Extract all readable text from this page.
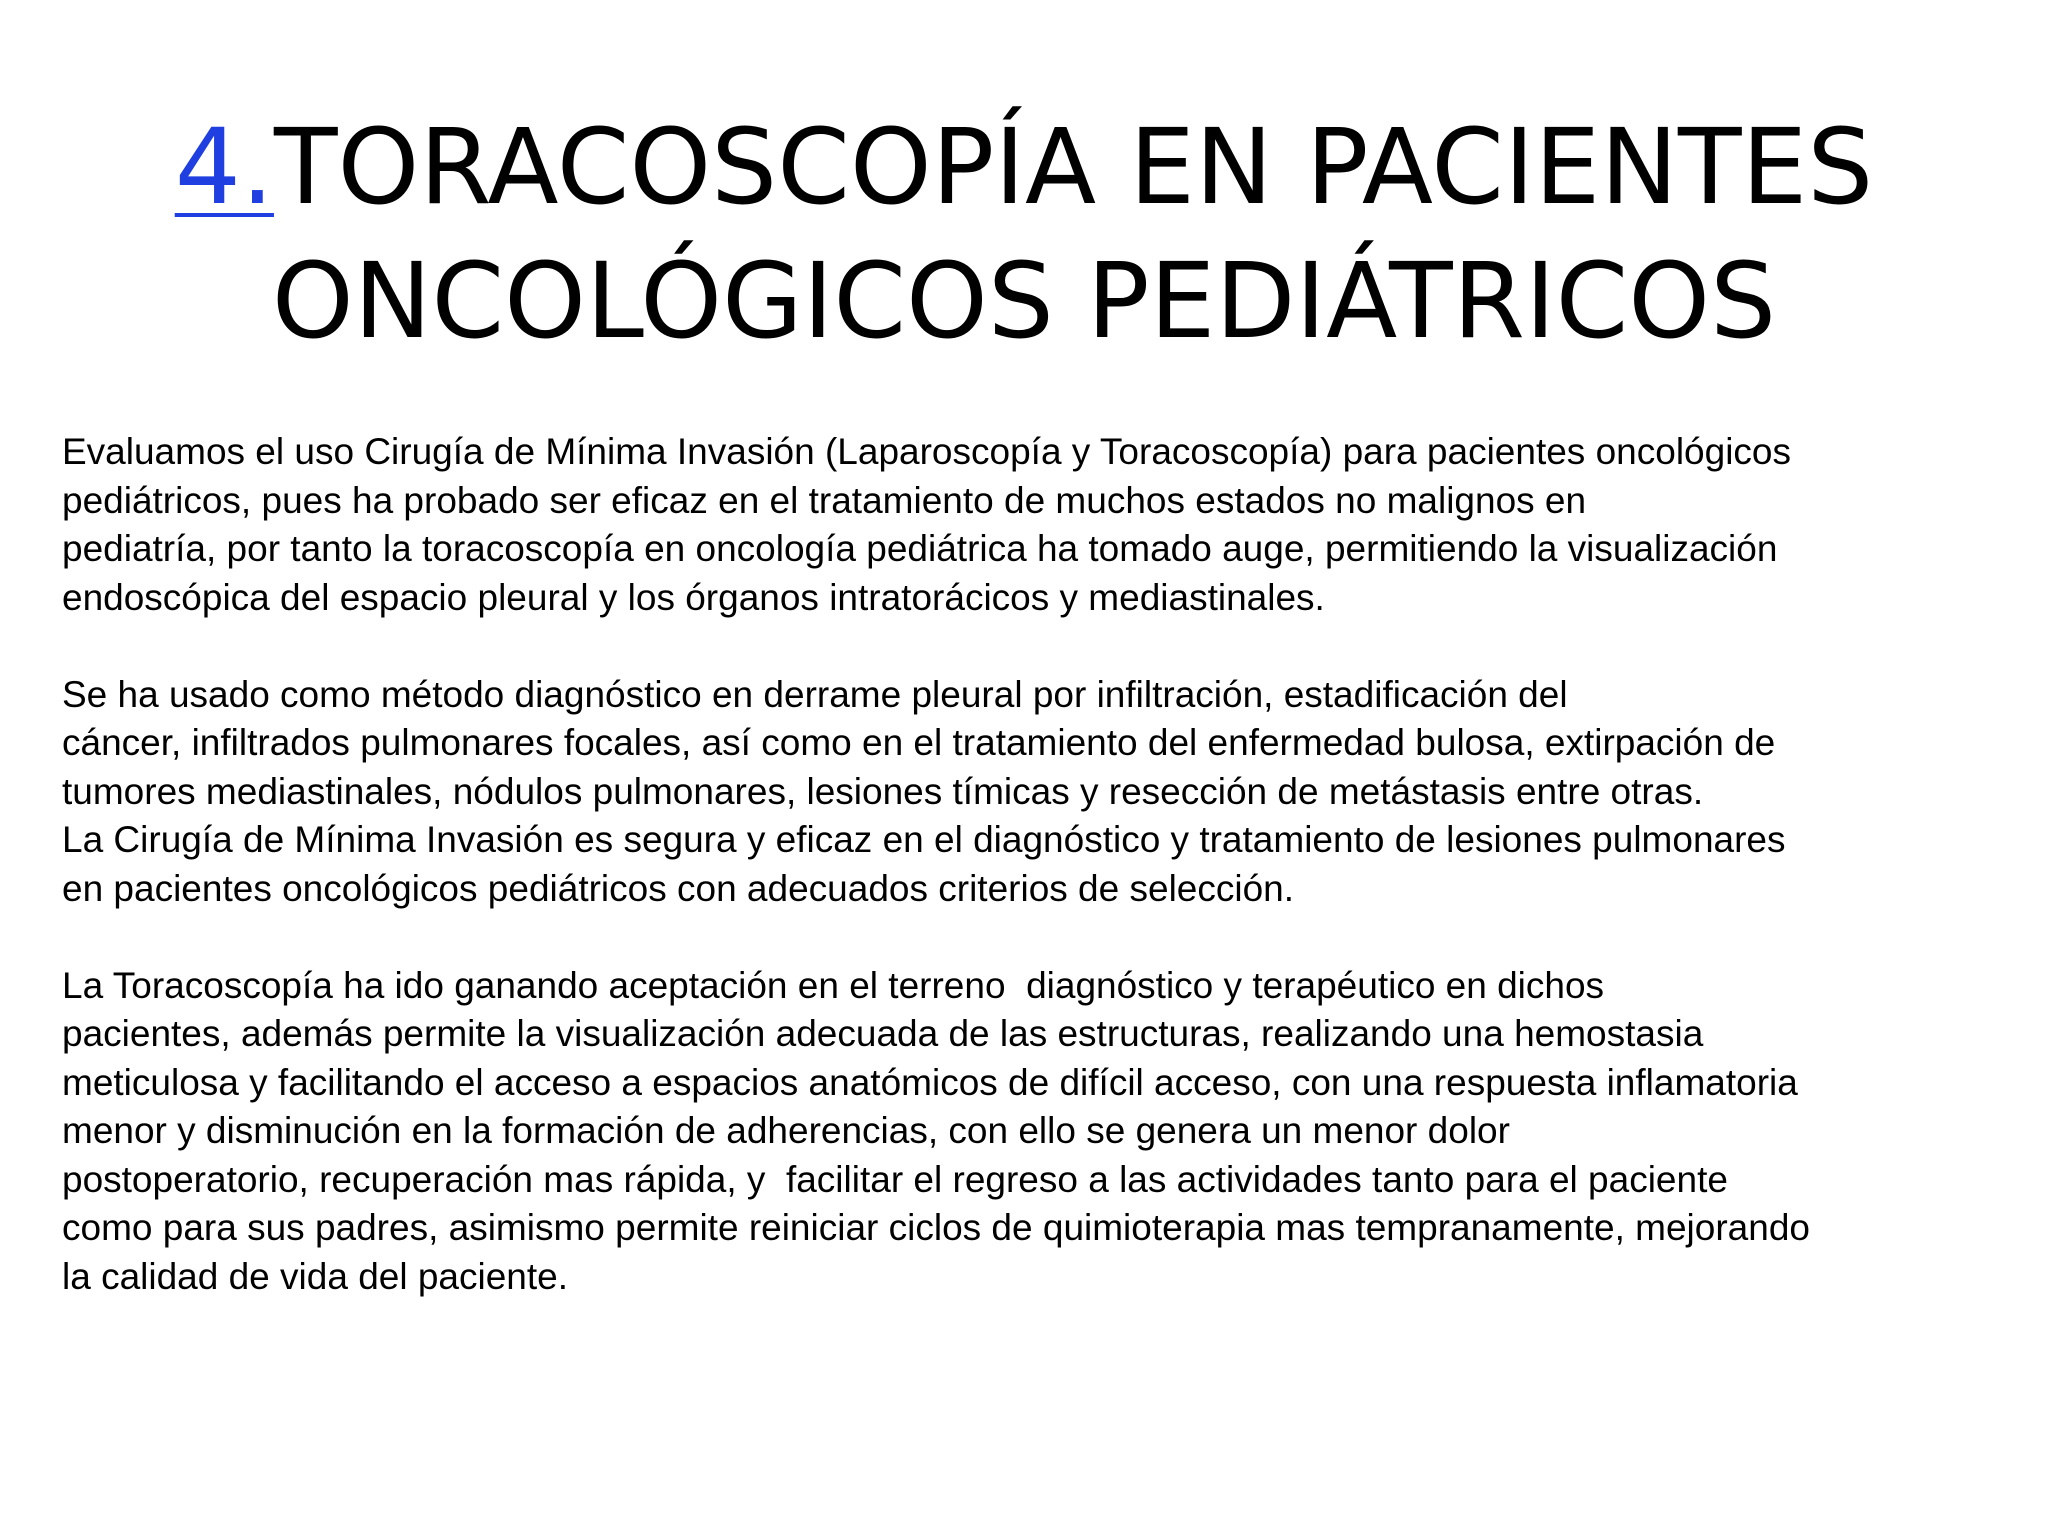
4.TORACOSCOPÍA EN PACIENTES
ONCOLÓGICOS PEDIÁTRICOS
Evaluamos el uso Cirugía de Mínima Invasión (Laparoscopía y Toracoscopía) para pacientes oncológicos
pediátricos, pues ha probado ser eficaz en el tratamiento de muchos estados no malignos en
pediatría, por tanto la toracoscopía en oncología pediátrica ha tomado auge, permitiendo la visualización
endoscópica del espacio pleural y los órganos intratorácicos y mediastinales.
Se ha usado como método diagnóstico en derrame pleural por infiltración, estadificación del
cáncer, infiltrados pulmonares focales, así como en el tratamiento del enfermedad bulosa, extirpación de
tumores mediastinales, nódulos pulmonares, lesiones tímicas y resección de metástasis entre otras.
La Cirugía de Mínima Invasión es segura y eficaz en el diagnóstico y tratamiento de lesiones pulmonares
en pacientes oncológicos pediátricos con adecuados criterios de selección.
La Toracoscopía ha ido ganando aceptación en el terreno  diagnóstico y terapéutico en dichos
pacientes, además permite la visualización adecuada de las estructuras, realizando una hemostasia
meticulosa y facilitando el acceso a espacios anatómicos de difícil acceso, con una respuesta inflamatoria
menor y disminución en la formación de adherencias, con ello se genera un menor dolor
postoperatorio, recuperación mas rápida, y  facilitar el regreso a las actividades tanto para el paciente
como para sus padres, asimismo permite reiniciar ciclos de quimioterapia mas tempranamente, mejorando
la calidad de vida del paciente.
